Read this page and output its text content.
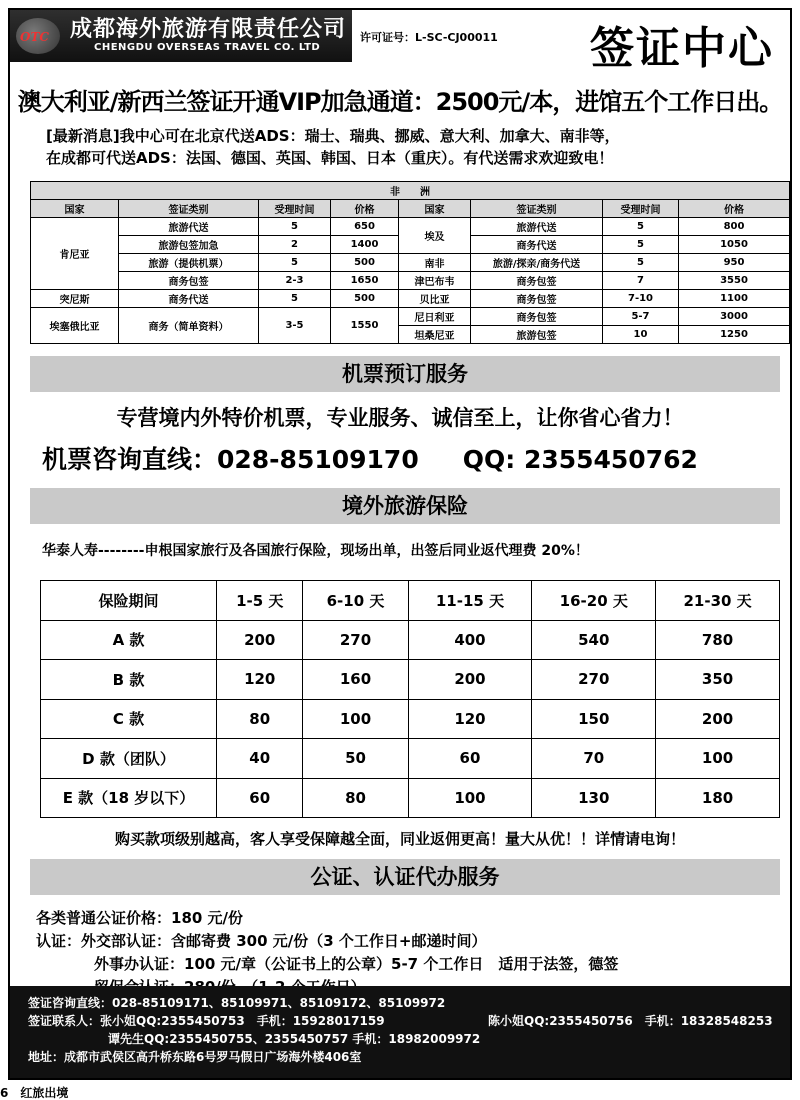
OTC 成都海外旅游有限责任公司
CHENGDU OVERSEAS TRAVEL CO. LTD
许可证号：L-SC-CJ00011 签证中心
澳大利亚/新西兰签证开通VIP加急通道：2500元/本，进馆五个工作日出。
[最新消息]我中心可在北京代送ADS：瑞士、瑞典、挪威、意大利、加拿大、南非等，
在成都可代送ADS：法国、德国、英国、韩国、日本（重庆）。有代送需求欢迎致电！
非　　洲							
国家	签证类别	受理时间	价格	国家	签证类别	受理时间	价格
肯尼亚	旅游代送	5	650	埃及	旅游代送	5	800
	旅游包签加急	2	1400		商务代送	5	1050
	旅游（提供机票）	5	500	南非	旅游/探亲/商务代送	5	950
	商务包签	2-3	1650	津巴布韦	商务包签	7	3550
突尼斯	商务代送	5	500	贝比亚	商务包签	7-10	1100
埃塞俄比亚	商务（简单资料）	3-5	1550	尼日利亚	商务包签	5-7	3000
				坦桑尼亚	旅游包签	10	1250
机票预订服务
专营境内外特价机票，专业服务、诚信至上，让你省心省力！
机票咨询直线：028-85109170 QQ: 2355450762
境外旅游保险
华泰人寿--------申根国家旅行及各国旅行保险，现场出单，出签后同业返代理费 20%！
保险期间	1-5 天	6-10 天	11-15 天	16-20 天	21-30 天
A 款	200	270	400	540	780
B 款	120	160	200	270	350
C 款	80	100	120	150	200
D 款（团队）	40	50	60	70	100
E 款（18 岁以下）	60	80	100	130	180
购买款项级别越高，客人享受保障越全面，同业返佣更高！量大从优！！详情请电询！
公证、认证代办服务
各类普通公证价格：180 元/份
认证：外交部认证：含邮寄费 300 元/份（3 个工作日+邮递时间）
外事办认证：100 元/章（公证书上的公章）5-7 个工作日　适用于法签，德签
签证咨询直线：028-85109171、85109971、85109172、85109972
签证联系人：张小姐QQ:2355450753　手机：15928017159	陈小姐QQ:2355450756　手机：18328548253
谭先生QQ:2355450755、2355450757 手机：18982009972
地址：成都市武侯区高升桥东路6号罗马假日广场海外楼406室
6　红旅出境
